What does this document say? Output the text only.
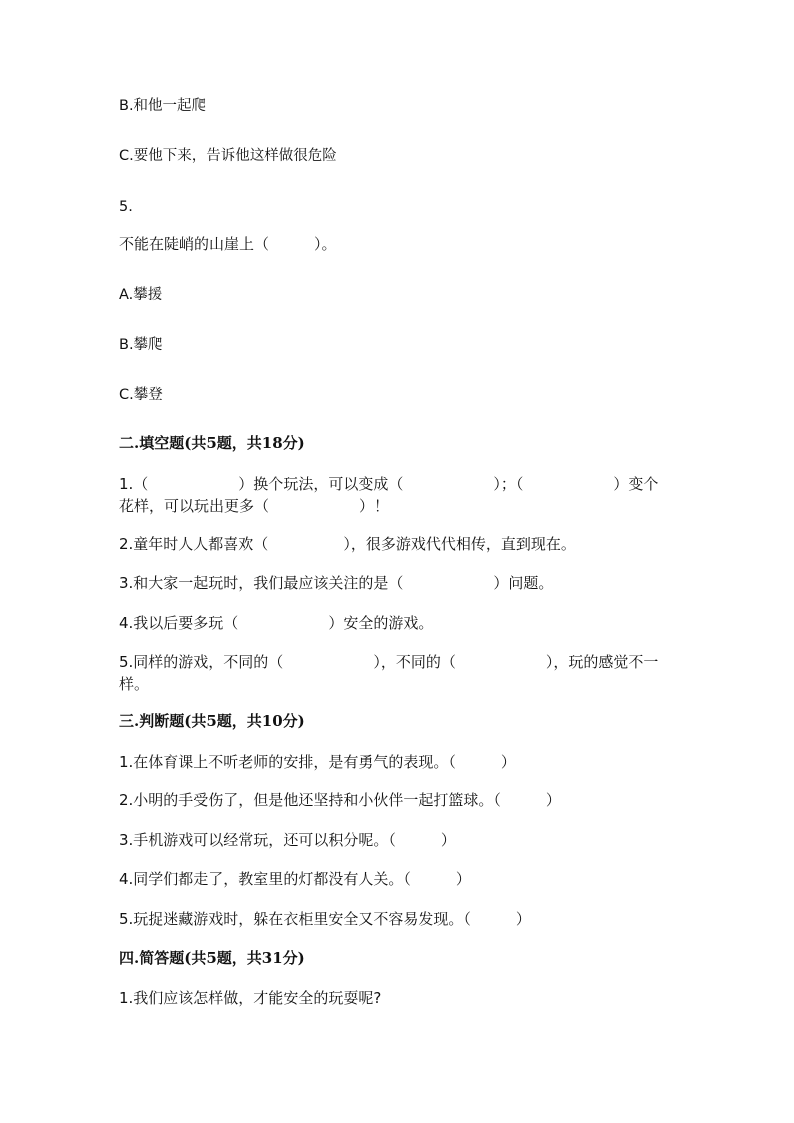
B.和他一起爬
C.要他下来，告诉他这样做很危险
5.
不能在陡峭的山崖上（　　　）。
A.攀援
B.攀爬
C.攀登
二.填空题(共5题，共18分)
1.（　　　　　　）换个玩法，可以变成（　　　　　　）；（　　　　　　）变个花样，可以玩出更多（　　　　　　）！
2.童年时人人都喜欢（　　　　　），很多游戏代代相传，直到现在。
3.和大家一起玩时，我们最应该关注的是（　　　　　　）问题。
4.我以后要多玩（　　　　　　）安全的游戏。
5.同样的游戏，不同的（　　　　　　），不同的（　　　　　　），玩的感觉不一样。
三.判断题(共5题，共10分)
1.在体育课上不听老师的安排，是有勇气的表现。（　　　）
2.小明的手受伤了，但是他还坚持和小伙伴一起打篮球。（　　　）
3.手机游戏可以经常玩，还可以积分呢。（　　　）
4.同学们都走了，教室里的灯都没有人关。（　　　）
5.玩捉迷藏游戏时，躲在衣柜里安全又不容易发现。（　　　）
四.简答题(共5题，共31分)
1.我们应该怎样做，才能安全的玩耍呢?
